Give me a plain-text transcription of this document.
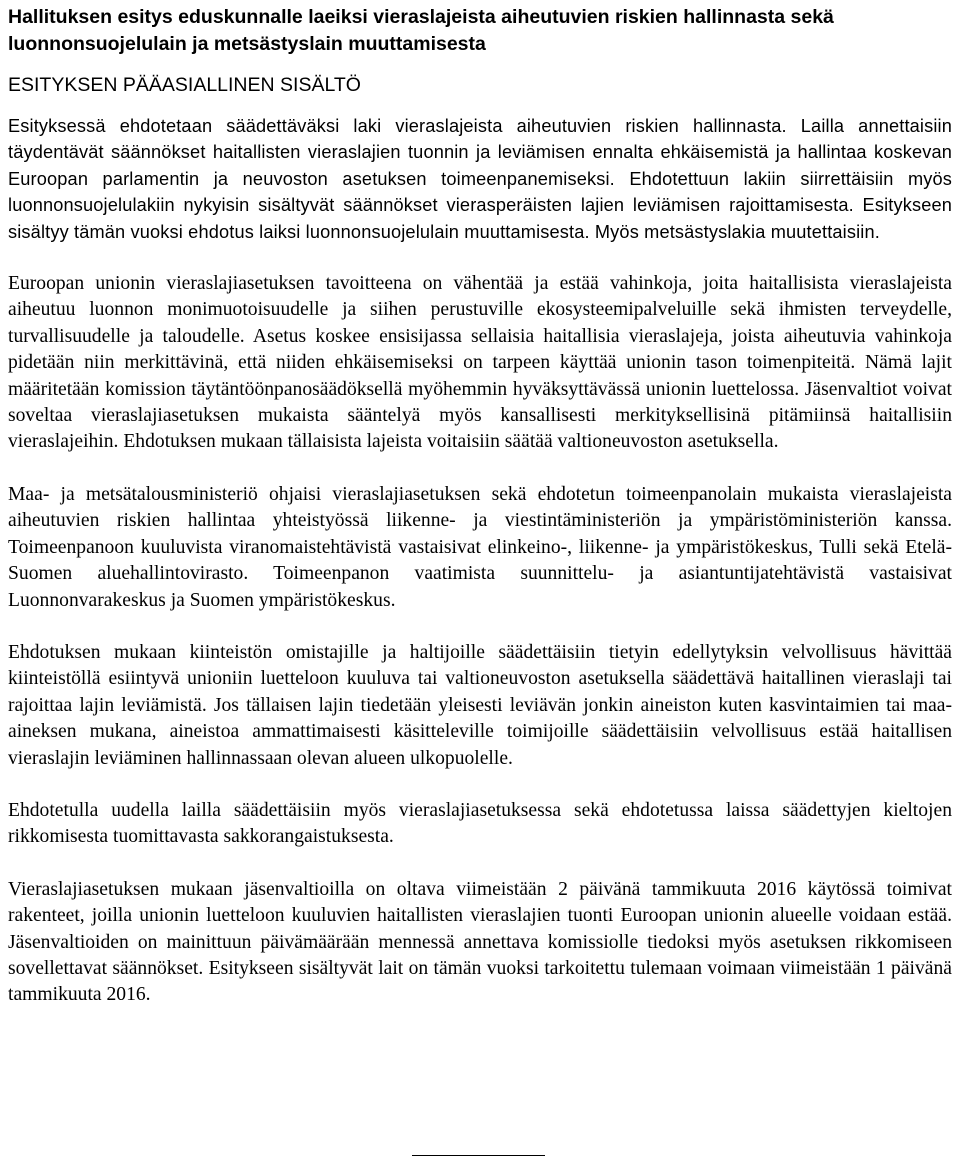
Hallituksen esitys eduskunnalle laeiksi vieraslajeista aiheutuvien riskien hallinnasta sekä luonnonsuojelulain ja metsästyslain muuttamisesta
ESITYKSEN PÄÄASIALLINEN SISÄLTÖ

Esityksessä ehdotetaan säädettäväksi laki vieraslajeista aiheutuvien riskien hallinnasta. Lailla annettaisiin täydentävät säännökset haitallisten vieraslajien tuonnin ja leviämisen ennalta ehkäisemistä ja hallintaa koskevan Euroopan parlamentin ja neuvoston asetuksen toimeenpanemiseksi. Ehdotettuun lakiin siirrettäisiin myös luonnonsuojelulakiin nykyisin sisältyvät säännökset vierasperäisten lajien leviämisen rajoittamisesta. Esitykseen sisältyy tämän vuoksi ehdotus laiksi luonnonsuojelulain muuttamisesta. Myös metsästyslakia muutettaisiin.

Euroopan unionin vieraslajiasetuksen tavoitteena on vähentää ja estää vahinkoja, joita haitallisista vieraslajeista aiheutuu luonnon monimuotoisuudelle ja siihen perustuville ekosysteemipalveluille sekä ihmisten terveydelle, turvallisuudelle ja taloudelle. Asetus koskee ensisijassa sellaisia haitallisia vieraslajeja, joista aiheutuvia vahinkoja pidetään niin merkittävinä, että niiden ehkäisemiseksi on tarpeen käyttää unionin tason toimenpiteitä. Nämä lajit määritetään komission täytäntöönpanosäädöksellä myöhemmin hyväksyttävässä unionin luettelossa. Jäsenvaltiot voivat soveltaa vieraslajiasetuksen mukaista sääntelyä myös kansallisesti merkityksellisinä pitämiinsä haitallisiin vieraslajeihin. Ehdotuksen mukaan tällaisista lajeista voitaisiin säätää valtioneuvoston asetuksella.

Maa- ja metsätalousministeriö ohjaisi vieraslajiasetuksen sekä ehdotetun toimeenpanolain mukaista vieraslajeista aiheutuvien riskien hallintaa yhteistyössä liikenne- ja viestintäministeriön ja ympäristöministeriön kanssa. Toimeenpanoon kuuluvista viranomaistehtävistä vastaisivat elinkeino-, liikenne- ja ympäristökeskus, Tulli sekä Etelä-Suomen aluehallintovirasto. Toimeenpanon vaatimista suunnittelu- ja asiantuntijatehtävistä vastaisivat Luonnonvarakeskus ja Suomen ympäristökeskus.

Ehdotuksen mukaan kiinteistön omistajille ja haltijoille säädettäisiin tietyin edellytyksin velvollisuus hävittää kiinteistöllä esiintyvä unioniin luetteloon kuuluva tai valtioneuvoston asetuksella säädettävä haitallinen vieraslaji tai rajoittaa lajin leviämistä. Jos tällaisen lajin tiedetään yleisesti leviävän jonkin aineiston kuten kasvintaimien tai maa-aineksen mukana, aineistoa ammattimaisesti käsitteleville toimijoille säädettäisiin velvollisuus estää haitallisen vieraslajin leviäminen hallinnassaan olevan alueen ulkopuolelle.

Ehdotetulla uudella lailla säädettäisiin myös vieraslajiasetuksessa sekä ehdotetussa laissa säädettyjen kieltojen rikkomisesta tuomittavasta sakkorangaistuksesta.

Vieraslajiasetuksen mukaan jäsenvaltioilla on oltava viimeistään 2 päivänä tammikuuta 2016 käytössä toimivat rakenteet, joilla unionin luetteloon kuuluvien haitallisten vieraslajien tuonti Euroopan unionin alueelle voidaan estää. Jäsenvaltioiden on mainittuun päivämäärään mennessä annettava komissiolle tiedoksi myös asetuksen rikkomiseen sovellettavat säännökset. Esitykseen sisältyvät lait on tämän vuoksi tarkoitettu tulemaan voimaan viimeistään 1 päivänä tammikuuta 2016.
